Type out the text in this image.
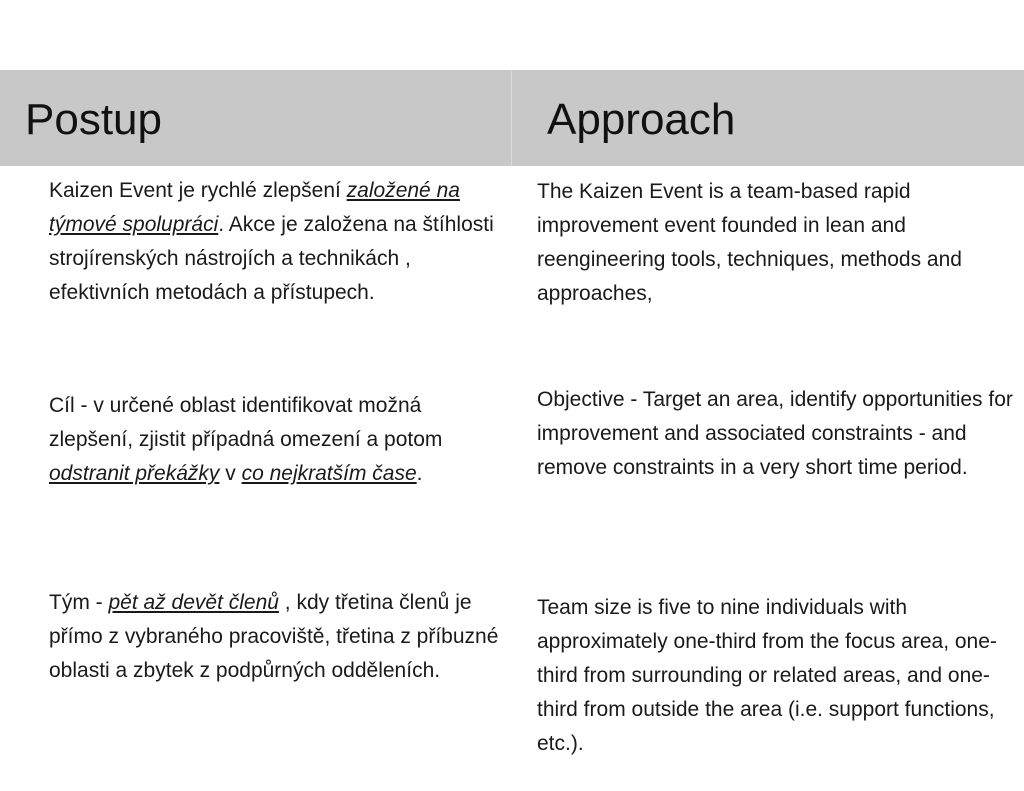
Postup	Approach

Kaizen Event je rychlé zlepšení založené na týmové spolupráci. Akce je založena na štíhlosti strojírenských nástrojích a technikách , efektivních metodách a přístupech.

Cíl - v určené oblast identifikovat možná zlepšení, zjistit případná omezení a potom odstranit překážky v co nejkratším čase.

Tým - pět až devět členů , kdy třetina členů je přímo z vybraného pracoviště, třetina z příbuzné oblasti a zbytek z podpůrných odděleních.

The Kaizen Event is a team-based rapid improvement event founded in lean and reengineering tools, techniques, methods and approaches,

Objective - Target an area, identify opportunities for improvement and associated constraints - and remove constraints in a very short time period.

Team size is five to nine individuals with approximately one-third from the focus area, one-third from surrounding or related areas, and one-third from outside the area (i.e. support functions, etc.).
